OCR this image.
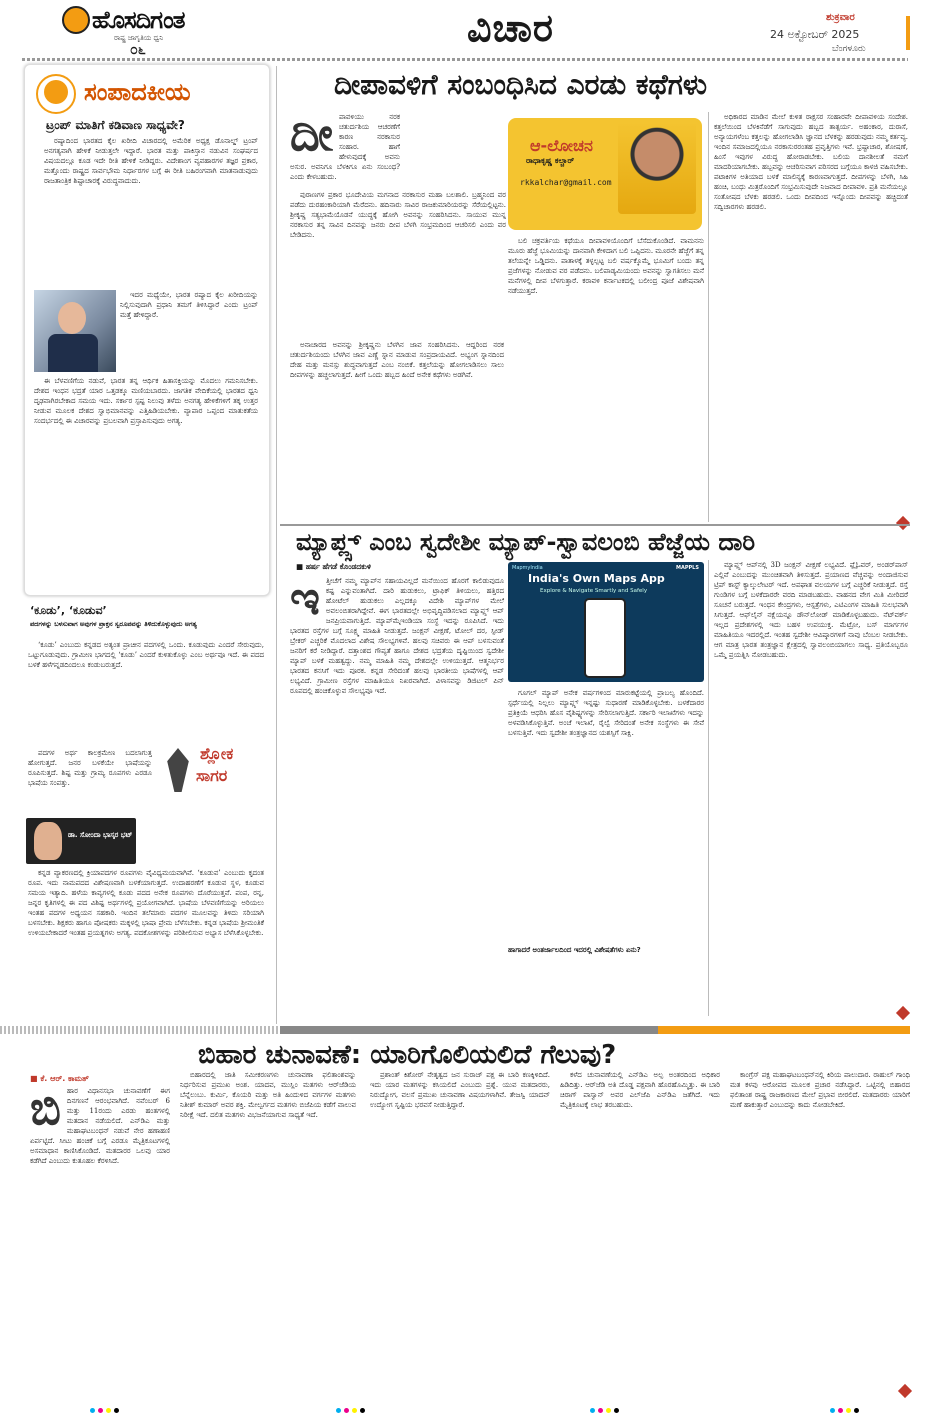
ಹೊಸದಿಗಂತ
ರಾಷ್ಟ್ರ ಜಾಗೃತಿಯ ಧ್ವನಿ
೦೬	ವಿಚಾರ	ಶುಕ್ರವಾರ
24 ಅಕ್ಟೋಬರ್ 2025
ಬೆಂಗಳೂರು
ಸಂಪಾದಕೀಯ
ಟ್ರಂಪ್ ಮಾತಿಗೆ ಕಡಿವಾಣ ಸಾಧ್ಯವೇ?

ರಷ್ಯಾದಿಂದ ಭಾರತದ ಕೈಲ ಖರೀದಿ ವಿಚಾರದಲ್ಲಿ ಅಮೆರಿಕ ಅಧ್ಯಕ್ಷ ಡೊನಾಲ್ಡ್ ಟ್ರಂಪ್ ಅನಗತ್ಯವಾಗಿ ಹೇಳಿಕೆ ನೀಡುತ್ತಲೇ ಇದ್ದಾರೆ. ಭಾರತ ಮತ್ತು ಪಾಕಿಸ್ತಾನ ನಡುವಿನ ಸಂಘರ್ಷದ ವಿಷಯದಲ್ಲೂ ಕೂಡ ಇದೇ ರೀತಿ ಹೇಳಿಕೆ ನೀಡಿದ್ದರು. ವಿದೇಶಾಂಗ ವ್ಯವಹಾರಗಳ ತಜ್ಞರ ಪ್ರಕಾರ, ಮತ್ತೊಂದು ರಾಷ್ಟ್ರದ ಸಾರ್ವಭೌಮ ನಿರ್ಧಾರಗಳ ಬಗ್ಗೆ ಈ ರೀತಿ ಬಹಿರಂಗವಾಗಿ ಮಾತನಾಡುವುದು ರಾಜತಾಂತ್ರಿಕ ಶಿಷ್ಟಾಚಾರಕ್ಕೆ ವಿರುದ್ಧವಾದುದು.

ಇದರ ಮಧ್ಯೆಯೇ, ಭಾರತ ರಷ್ಯಾದ ಕೈಲ ಖರೀದಿಯನ್ನು ನಿಲ್ಲಿಸುವುದಾಗಿ ಪ್ರಧಾನಿ ತಮಗೆ ತಿಳಿಸಿದ್ದಾರೆ ಎಂದು ಟ್ರಂಪ್ ಮತ್ತೆ ಹೇಳಿದ್ದಾರೆ.

ಈ ಬೆಳವಣಿಗೆಯ ನಡುವೆ, ಭಾರತ ತನ್ನ ಆರ್ಥಿಕ ಹಿತಾಸಕ್ತಿಯನ್ನು ಮೊದಲು ಗಮನಿಸಬೇಕು. ದೇಶದ ಇಂಧನ ಭದ್ರತೆ ಯಾರ ಒತ್ತಡಕ್ಕೂ ಮಣಿಯಬಾರದು. ಜಾಗತಿಕ ವೇದಿಕೆಯಲ್ಲಿ ಭಾರತದ ಧ್ವನಿ ದೃಢವಾಗಿರಬೇಕಾದ ಸಮಯ ಇದು. ಸರ್ಕಾರ ಸ್ಪಷ್ಟ ನಿಲುವು ತಳೆದು ಅನಗತ್ಯ ಹೇಳಿಕೆಗಳಿಗೆ ತಕ್ಕ ಉತ್ತರ ನೀಡುವ ಮೂಲಕ ದೇಶದ ಸ್ವಾಭಿಮಾನವನ್ನು ಎತ್ತಿಹಿಡಿಯಬೇಕು. ವ್ಯಾಪಾರ ಒಪ್ಪಂದ ಮಾತುಕತೆಯ ಸಂದರ್ಭದಲ್ಲಿ ಈ ವಿಚಾರವನ್ನು ಪ್ರಬಲವಾಗಿ ಪ್ರಸ್ತಾಪಿಸುವುದು ಅಗತ್ಯ.

‘ಕೂಡು’, ‘ಕೂಡುವ’
ಪದಗಳನ್ನು ಬಳಸುವಾಗ ಅವುಗಳ ಪ್ರಾಕ್ತನ ಸ್ವರೂಪವನ್ನು ತಿಳಿದುಕೊಳ್ಳುವುದು ಅಗತ್ಯ

‘ಕೂಡು’ ಎಂಬುದು ಕನ್ನಡದ ಅತ್ಯಂತ ಪ್ರಾಚೀನ ಪದಗಳಲ್ಲಿ ಒಂದು. ಕೂಡುವುದು ಎಂದರೆ ಸೇರುವುದು, ಒಟ್ಟುಗೂಡುವುದು. ಗ್ರಾಮೀಣ ಭಾಗದಲ್ಲಿ ‘ಕೂಡು’ ಎಂದರೆ ಕುಳಿತುಕೊಳ್ಳು ಎಂಬ ಅರ್ಥವೂ ಇದೆ. ಈ ಪದದ ಬಳಕೆ ಹಳೆಗನ್ನಡದಿಂದಲೂ ಕಂಡುಬರುತ್ತದೆ.

ಪದಗಳ ಅರ್ಥ ಕಾಲಕ್ರಮೇಣ ಬದಲಾಗುತ್ತ ಹೋಗುತ್ತದೆ. ಜನರ ಬಳಕೆಯೇ ಭಾಷೆಯನ್ನು ರೂಪಿಸುತ್ತದೆ. ಶಿಷ್ಟ ಮತ್ತು ಗ್ರಾಮ್ಯ ರೂಪಗಳು ಎರಡೂ ಭಾಷೆಯ ಸಂಪತ್ತು.

ಶ್ಲೋಕ
ಸಾಗರ
ಡಾ. ಸೋಂದಾ ಭಾಸ್ಕರ ಭಟ್

ಕನ್ನಡ ವ್ಯಾಕರಣದಲ್ಲಿ ಕ್ರಿಯಾಪದಗಳ ರೂಪಗಳು ವೈವಿಧ್ಯಮಯವಾಗಿವೆ. ‘ಕೂಡುವ’ ಎಂಬುದು ಕೃದಂತ ರೂಪ. ಇದು ನಾಮಪದದ ವಿಶೇಷಣವಾಗಿ ಬಳಕೆಯಾಗುತ್ತದೆ. ಉದಾಹರಣೆಗೆ ಕೂಡುವ ಸ್ಥಳ, ಕೂಡುವ ಸಮಯ ಇತ್ಯಾದಿ. ಹಳೆಯ ಕಾವ್ಯಗಳಲ್ಲಿ ಕೂಡು ಪದದ ಅನೇಕ ರೂಪಗಳು ದೊರೆಯುತ್ತವೆ. ಪಂಪ, ರನ್ನ, ಜನ್ನರ ಕೃತಿಗಳಲ್ಲಿ ಈ ಪದ ವಿಶಿಷ್ಟ ಅರ್ಥಗಳಲ್ಲಿ ಪ್ರಯೋಗವಾಗಿದೆ. ಭಾಷೆಯ ಬೆಳವಣಿಗೆಯನ್ನು ಅರಿಯಲು ಇಂತಹ ಪದಗಳ ಅಧ್ಯಯನ ಸಹಕಾರಿ. ಇಂದಿನ ತಲೆಮಾರು ಪದಗಳ ಮೂಲವನ್ನು ತಿಳಿದು ಸರಿಯಾಗಿ ಬಳಸಬೇಕು. ಶಿಕ್ಷಕರು ಹಾಗೂ ಪೋಷಕರು ಮಕ್ಕಳಲ್ಲಿ ಭಾಷಾ ಪ್ರೇಮ ಬೆಳೆಸಬೇಕು. ಕನ್ನಡ ಭಾಷೆಯ ಶ್ರೀಮಂತಿಕೆ ಉಳಿಯಬೇಕಾದರೆ ಇಂತಹ ಪ್ರಯತ್ನಗಳು ಅಗತ್ಯ. ಪದಕೋಶಗಳನ್ನು ಪರಿಶೀಲಿಸುವ ಅಭ್ಯಾಸ ಬೆಳೆಸಿಕೊಳ್ಳಬೇಕು.

ದೀಪಾವಳಿಗೆ ಸಂಬಂಧಿಸಿದ ಎರಡು ಕಥೆಗಳು
ದೀ ಪಾವಳಿಯು ನರಕ ಚತುರ್ದಶಿಯ ಆಚರಣೆಗೆ ಕಾರಣ ನರಕಾಸುರ ಸಂಹಾರ. ಹಾಗೆ ಹೇಳುವುದಕ್ಕೆ ಅವನು ಅಸುರ. ಅವನಿಗೂ ಬೆಳಕಿಗೂ ಏನು ಸಂಬಂಧ? ಎಂದು ಕೇಳಬಹುದು.

ಪುರಾಣಗಳ ಪ್ರಕಾರ ಭೂದೇವಿಯ ಮಗನಾದ ನರಕಾಸುರ ಮಹಾ ಬಲಶಾಲಿ. ಬ್ರಹ್ಮನಿಂದ ವರ ಪಡೆದು ದುರಹಂಕಾರಿಯಾಗಿ ಮೆರೆದನು. ಹದಿನಾರು ಸಾವಿರ ರಾಜಕುಮಾರಿಯರನ್ನು ಸೆರೆಯಲ್ಲಿಟ್ಟನು. ಶ್ರೀಕೃಷ್ಣ ಸತ್ಯಭಾಮೆಯೊಡನೆ ಯುದ್ಧಕ್ಕೆ ಹೋಗಿ ಅವನನ್ನು ಸಂಹರಿಸಿದನು. ಸಾಯುವ ಮುನ್ನ ನರಕಾಸುರ ತನ್ನ ಸಾವಿನ ದಿನವನ್ನು ಜನರು ದೀಪ ಬೆಳಗಿ ಸಂಭ್ರಮದಿಂದ ಆಚರಿಸಲಿ ಎಂದು ವರ ಬೇಡಿದನು.

ಅನಾಚಾರದ ಅವನನ್ನು ಶ್ರೀಕೃಷ್ಣನು ಬೆಳಗಿನ ಜಾವ ಸಂಹರಿಸಿದನು. ಆದ್ದರಿಂದ ನರಕ ಚತುರ್ದಶಿಯಂದು ಬೆಳಗಿನ ಜಾವ ಎಣ್ಣೆ ಸ್ನಾನ ಮಾಡುವ ಸಂಪ್ರದಾಯವಿದೆ. ಅಭ್ಯಂಗ ಸ್ನಾನದಿಂದ ದೇಹ ಮತ್ತು ಮನಸ್ಸು ಶುದ್ಧವಾಗುತ್ತದೆ ಎಂಬ ನಂಬಿಕೆ. ಕತ್ತಲೆಯನ್ನು ಹೋಗಲಾಡಿಸಲು ಸಾಲು ದೀಪಗಳನ್ನು ಹಚ್ಚಲಾಗುತ್ತದೆ. ಹೀಗೆ ಒಂದು ಹಬ್ಬದ ಹಿಂದೆ ಅನೇಕ ಕಥೆಗಳು ಅಡಗಿವೆ.

ಆ-ಲೋಚನ
ರಾಧಾಕೃಷ್ಣ ಕಲ್ಚಾರ್
rkkalchar@gmail.com

ಬಲಿ ಚಕ್ರವರ್ತಿಯ ಕಥೆಯೂ ದೀಪಾವಳಿಯೊಂದಿಗೆ ಬೆಸೆದುಕೊಂಡಿದೆ. ವಾಮನನು ಮೂರು ಹೆಜ್ಜೆ ಭೂಮಿಯನ್ನು ದಾನವಾಗಿ ಕೇಳಿದಾಗ ಬಲಿ ಒಪ್ಪಿದನು. ಮೂರನೇ ಹೆಜ್ಜೆಗೆ ತನ್ನ ತಲೆಯನ್ನೇ ಒಡ್ಡಿದನು. ಪಾತಾಳಕ್ಕೆ ತಳ್ಳಲ್ಪಟ್ಟ ಬಲಿ ವರ್ಷಕ್ಕೊಮ್ಮೆ ಭೂಮಿಗೆ ಬಂದು ತನ್ನ ಪ್ರಜೆಗಳನ್ನು ನೋಡುವ ವರ ಪಡೆದನು. ಬಲಿಪಾಡ್ಯಮಿಯಂದು ಅವನನ್ನು ಸ್ವಾಗತಿಸಲು ಮನೆ ಮನೆಗಳಲ್ಲಿ ದೀಪ ಬೆಳಗುತ್ತಾರೆ. ಕರಾವಳಿ ಕರ್ನಾಟಕದಲ್ಲಿ ಬಲೀಂದ್ರ ಪೂಜೆ ವಿಶೇಷವಾಗಿ ನಡೆಯುತ್ತದೆ.

ಅಧಿಕಾರದ ಮಾಡಿನ ಮೇಲೆ ಕುಳಿತ ರಾಕ್ಷಸರ ಸಂಹಾರವೇ ದೀಪಾವಳಿಯ ಸಂದೇಶ. ಕತ್ತಲೆಯಿಂದ ಬೆಳಕಿನೆಡೆಗೆ ಸಾಗುವುದು ಹಬ್ಬದ ತಾತ್ಪರ್ಯ. ಅಹಂಕಾರ, ದುರಾಸೆ, ಅನ್ಯಾಯಗಳೆಂಬ ಕತ್ತಲನ್ನು ಹೋಗಲಾಡಿಸಿ ಜ್ಞಾನದ ಬೆಳಕನ್ನು ಹರಡುವುದು ನಮ್ಮ ಕರ್ತವ್ಯ. ಇಂದಿನ ಸಮಾಜದಲ್ಲಿಯೂ ನರಕಾಸುರರಂತಹ ಪ್ರವೃತ್ತಿಗಳು ಇವೆ. ಭ್ರಷ್ಟಾಚಾರ, ಶೋಷಣೆ, ಹಿಂಸೆ ಇವುಗಳ ವಿರುದ್ಧ ಹೋರಾಡಬೇಕು. ಬಲಿಯ ದಾನಶೀಲತೆ ನಮಗೆ ಮಾದರಿಯಾಗಬೇಕು. ಹಬ್ಬವನ್ನು ಆಚರಿಸುವಾಗ ಪರಿಸರದ ಬಗ್ಗೆಯೂ ಕಾಳಜಿ ವಹಿಸಬೇಕು. ಪಟಾಕಿಗಳ ಅತಿಯಾದ ಬಳಕೆ ಮಾಲಿನ್ಯಕ್ಕೆ ಕಾರಣವಾಗುತ್ತದೆ. ದೀಪಗಳನ್ನು ಬೆಳಗಿ, ಸಿಹಿ ಹಂಚಿ, ಬಂಧು ಮಿತ್ರರೊಂದಿಗೆ ಸಂಭ್ರಮಿಸುವುದೇ ನಿಜವಾದ ದೀಪಾವಳಿ. ಪ್ರತಿ ಮನೆಯಲ್ಲೂ ಸಂತೋಷದ ಬೆಳಕು ಹರಡಲಿ. ಒಂದು ದೀಪದಿಂದ ಇನ್ನೊಂದು ದೀಪವನ್ನು ಹಚ್ಚಿದಂತೆ ಸದ್ವಿಚಾರಗಳು ಹರಡಲಿ.

ಮ್ಯಾಪ್ಲ್ಸ್ ಎಂಬ ಸ್ವದೇಶೀ ಮ್ಯಾಪ್-ಸ್ವಾವಲಂಬಿ ಹೆಜ್ಜೆಯ ದಾರಿ
■ ಹರ್ಷ ಹೆಗಡೆ ಕೊಂಡದಕುಳಿ
ಇ ತ್ತೀಚೆಗೆ ನಮ್ಮ ಮ್ಯಾಪ್‌ನ ಸಹಾಯವಿಲ್ಲದೆ ಮನೆಯಿಂದ ಹೊರಗೆ ಕಾಲಿಡುವುದೂ ಕಷ್ಟ ಎನ್ನುವಂತಾಗಿದೆ. ದಾರಿ ಹುಡುಕಲು, ಟ್ರಾಫಿಕ್ ತಿಳಿಯಲು, ಹತ್ತಿರದ ಹೋಟೆಲ್ ಹುಡುಕಲು ಎಲ್ಲದಕ್ಕೂ ವಿದೇಶಿ ಮ್ಯಾಪ್‌ಗಳ ಮೇಲೆ ಅವಲಂಬಿತರಾಗಿದ್ದೇವೆ. ಈಗ ಭಾರತದಲ್ಲೇ ಅಭಿವೃದ್ಧಿಪಡಿಸಲಾದ ಮ್ಯಾಪ್ಲ್ಸ್ ಆಪ್ ಜನಪ್ರಿಯವಾಗುತ್ತಿದೆ. ಮ್ಯಾಪ್‌ಮೈಇಂಡಿಯಾ ಸಂಸ್ಥೆ ಇದನ್ನು ರೂಪಿಸಿದೆ. ಇದು ಭಾರತದ ರಸ್ತೆಗಳ ಬಗ್ಗೆ ಸೂಕ್ಷ್ಮ ಮಾಹಿತಿ ನೀಡುತ್ತದೆ. ಜಂಕ್ಷನ್ ವೀಕ್ಷಣೆ, ಟೋಲ್ ದರ, ಸ್ಪೀಡ್ ಬ್ರೇಕರ್ ಎಚ್ಚರಿಕೆ ಮೊದಲಾದ ವಿಶೇಷ ಸೌಲಭ್ಯಗಳಿವೆ. ಹಲವು ಸಚಿವರು ಈ ಆಪ್ ಬಳಸುವಂತೆ ಜನರಿಗೆ ಕರೆ ನೀಡಿದ್ದಾರೆ. ದತ್ತಾಂಶದ ಗೌಪ್ಯತೆ ಹಾಗೂ ದೇಶದ ಭದ್ರತೆಯ ದೃಷ್ಟಿಯಿಂದ ಸ್ವದೇಶೀ ಮ್ಯಾಪ್ ಬಳಕೆ ಮಹತ್ವದ್ದು. ನಮ್ಮ ಮಾಹಿತಿ ನಮ್ಮ ದೇಶದಲ್ಲೇ ಉಳಿಯುತ್ತದೆ. ಆತ್ಮನಿರ್ಭರ ಭಾರತದ ಕನಸಿಗೆ ಇದು ಪೂರಕ. ಕನ್ನಡ ಸೇರಿದಂತೆ ಹಲವು ಭಾರತೀಯ ಭಾಷೆಗಳಲ್ಲಿ ಆಪ್ ಲಭ್ಯವಿದೆ. ಗ್ರಾಮೀಣ ರಸ್ತೆಗಳ ಮಾಹಿತಿಯೂ ನಿಖರವಾಗಿದೆ. ವಿಳಾಸವನ್ನು ಡಿಜಿಟಲ್ ಪಿನ್ ರೂಪದಲ್ಲಿ ಹಂಚಿಕೊಳ್ಳುವ ಸೌಲಭ್ಯವೂ ಇದೆ.
MapmyIndia	MAPPLS
India's Own Maps App
Explore & Navigate Smartly and Safely

ಗೂಗಲ್ ಮ್ಯಾಪ್ ಅನೇಕ ವರ್ಷಗಳಿಂದ ಮಾರುಕಟ್ಟೆಯಲ್ಲಿ ಪ್ರಾಬಲ್ಯ ಹೊಂದಿದೆ. ಸ್ಪರ್ಧೆಯಲ್ಲಿ ನಿಲ್ಲಲು ಮ್ಯಾಪ್ಲ್ಸ್ ಇನ್ನಷ್ಟು ಸುಧಾರಣೆ ಮಾಡಿಕೊಳ್ಳಬೇಕು. ಬಳಕೆದಾರರ ಪ್ರತಿಕ್ರಿಯೆ ಆಧರಿಸಿ ಹೊಸ ವೈಶಿಷ್ಟ್ಯಗಳನ್ನು ಸೇರಿಸಲಾಗುತ್ತಿದೆ. ಸರ್ಕಾರಿ ಇಲಾಖೆಗಳು ಇದನ್ನು ಅಳವಡಿಸಿಕೊಳ್ಳುತ್ತಿವೆ. ಅಂಚೆ ಇಲಾಖೆ, ರೈಲ್ವೆ ಸೇರಿದಂತೆ ಅನೇಕ ಸಂಸ್ಥೆಗಳು ಈ ಸೇವೆ ಬಳಸುತ್ತಿವೆ. ಇದು ಸ್ವದೇಶೀ ತಂತ್ರಜ್ಞಾನದ ಯಶಸ್ಸಿಗೆ ಸಾಕ್ಷಿ.

ಹಾಗಾದರೆ ಅಂತರ್ಜಾಲದಿಂದ ಇದರಲ್ಲಿ ವಿಶೇಷತೆಗಳು ಏನು?

ಮ್ಯಾಪ್ಲ್ಸ್ ಆಪ್‌ನಲ್ಲಿ 3D ಜಂಕ್ಷನ್ ವೀಕ್ಷಣೆ ಲಭ್ಯವಿದೆ. ಫ್ಲೈಓವರ್, ಅಂಡರ್‌ಪಾಸ್ ಎಲ್ಲಿವೆ ಎಂಬುದನ್ನು ಮುಂಚಿತವಾಗಿ ತಿಳಿಸುತ್ತದೆ. ಪ್ರಯಾಣದ ವೆಚ್ಚವನ್ನು ಅಂದಾಜಿಸುವ ಟ್ರಿಪ್ ಕಾಸ್ಟ್ ಕ್ಯಾಲ್ಕುಲೇಟರ್ ಇದೆ. ಅಪಘಾತ ವಲಯಗಳ ಬಗ್ಗೆ ಎಚ್ಚರಿಕೆ ನೀಡುತ್ತದೆ. ರಸ್ತೆ ಗುಂಡಿಗಳ ಬಗ್ಗೆ ಬಳಕೆದಾರರೇ ವರದಿ ಮಾಡಬಹುದು. ವಾಹನದ ವೇಗ ಮಿತಿ ಮೀರಿದರೆ ಸೂಚನೆ ಬರುತ್ತದೆ. ಇಂಧನ ಕೇಂದ್ರಗಳು, ಆಸ್ಪತ್ರೆಗಳು, ಎಟಿಎಂಗಳ ಮಾಹಿತಿ ಸುಲಭವಾಗಿ ಸಿಗುತ್ತದೆ. ಆಫ್‌ಲೈನ್ ನಕ್ಷೆಯನ್ನೂ ಡೌನ್‌ಲೋಡ್ ಮಾಡಿಕೊಳ್ಳಬಹುದು. ನೆಟ್‌ವರ್ಕ್ ಇಲ್ಲದ ಪ್ರದೇಶಗಳಲ್ಲಿ ಇದು ಬಹಳ ಉಪಯುಕ್ತ. ಮೆಟ್ರೋ, ಬಸ್ ಮಾರ್ಗಗಳ ಮಾಹಿತಿಯೂ ಇದರಲ್ಲಿದೆ. ಇಂತಹ ಸ್ವದೇಶೀ ಆವಿಷ್ಕಾರಗಳಿಗೆ ನಾವು ಬೆಂಬಲ ನೀಡಬೇಕು. ಆಗ ಮಾತ್ರ ಭಾರತ ತಂತ್ರಜ್ಞಾನ ಕ್ಷೇತ್ರದಲ್ಲಿ ಸ್ವಾವಲಂಬಿಯಾಗಲು ಸಾಧ್ಯ. ಪ್ರತಿಯೊಬ್ಬರೂ ಒಮ್ಮೆ ಪ್ರಯತ್ನಿಸಿ ನೋಡಬಹುದು.

ಬಿಹಾರ ಚುನಾವಣೆ: ಯಾರಿಗೊಲಿಯಲಿದೆ ಗೆಲುವು?
■ ಕೆ. ಆರ್. ಕಾಮತ್
ಬಿ ಹಾರ ವಿಧಾನಸಭಾ ಚುನಾವಣೆಗೆ ಈಗ ದಿನಗಣನೆ ಆರಂಭವಾಗಿದೆ. ನವೆಂಬರ್ 6 ಮತ್ತು 11ರಂದು ಎರಡು ಹಂತಗಳಲ್ಲಿ ಮತದಾನ ನಡೆಯಲಿದೆ. ಎನ್‌ಡಿಎ ಮತ್ತು ಮಹಾಘಟಬಂಧನ್ ನಡುವೆ ನೇರ ಹಣಾಹಣಿ ಏರ್ಪಟ್ಟಿದೆ. ಸೀಟು ಹಂಚಿಕೆ ಬಗ್ಗೆ ಎರಡೂ ಮೈತ್ರಿಕೂಟಗಳಲ್ಲಿ ಅಸಮಾಧಾನ ಕಾಣಿಸಿಕೊಂಡಿದೆ. ಮತದಾರರ ಒಲವು ಯಾರ ಕಡೆಗಿದೆ ಎಂಬುದು ಕುತೂಹಲ ಕೆರಳಿಸಿದೆ.

ಬಿಹಾರದಲ್ಲಿ ಜಾತಿ ಸಮೀಕರಣಗಳು ಚುನಾವಣಾ ಫಲಿತಾಂಶವನ್ನು ನಿರ್ಧರಿಸುವ ಪ್ರಮುಖ ಅಂಶ. ಯಾದವ, ಮುಸ್ಲಿಂ ಮತಗಳು ಆರ್‌ಜೆಡಿಯ ಬೆನ್ನೆಲುಬು. ಕುರ್ಮಿ, ಕೊಯರಿ ಮತ್ತು ಅತಿ ಹಿಂದುಳಿದ ವರ್ಗಗಳ ಮತಗಳು ನಿತೀಶ್ ಕುಮಾರ್ ಅವರ ಶಕ್ತಿ. ಮೇಲ್ವರ್ಗದ ಮತಗಳು ಬಿಜೆಪಿಯ ಕಡೆಗೆ ವಾಲುವ ನಿರೀಕ್ಷೆ ಇದೆ. ದಲಿತ ಮತಗಳು ವಿಭಜನೆಯಾಗುವ ಸಾಧ್ಯತೆ ಇದೆ.

ಪ್ರಶಾಂತ್ ಕಿಶೋರ್ ನೇತೃತ್ವದ ಜನ ಸುರಾಜ್ ಪಕ್ಷ ಈ ಬಾರಿ ಕಣಕ್ಕಿಳಿದಿದೆ. ಇದು ಯಾರ ಮತಗಳನ್ನು ಕಸಿಯಲಿದೆ ಎಂಬುದು ಪ್ರಶ್ನೆ. ಯುವ ಮತದಾರರು, ನಿರುದ್ಯೋಗ, ವಲಸೆ ಪ್ರಮುಖ ಚುನಾವಣಾ ವಿಷಯಗಳಾಗಿವೆ. ತೇಜಸ್ವಿ ಯಾದವ್ ಉದ್ಯೋಗ ಸೃಷ್ಟಿಯ ಭರವಸೆ ನೀಡುತ್ತಿದ್ದಾರೆ.

ಕಳೆದ ಚುನಾವಣೆಯಲ್ಲಿ ಎನ್‌ಡಿಎ ಅಲ್ಪ ಅಂತರದಿಂದ ಅಧಿಕಾರ ಹಿಡಿದಿತ್ತು. ಆರ್‌ಜೆಡಿ ಅತಿ ದೊಡ್ಡ ಪಕ್ಷವಾಗಿ ಹೊರಹೊಮ್ಮಿತ್ತು. ಈ ಬಾರಿ ಚಿರಾಗ್ ಪಾಸ್ವಾನ್ ಅವರ ಎಲ್‌ಜೆಪಿ ಎನ್‌ಡಿಎ ಜತೆಗಿದೆ. ಇದು ಮೈತ್ರಿಕೂಟಕ್ಕೆ ಲಾಭ ತರಬಹುದು.

ಕಾಂಗ್ರೆಸ್ ಪಕ್ಷ ಮಹಾಘಟಬಂಧನ್‌ನಲ್ಲಿ ಕಿರಿಯ ಪಾಲುದಾರ. ರಾಹುಲ್ ಗಾಂಧಿ ಮತ ಕಳವು ಆರೋಪದ ಮೂಲಕ ಪ್ರಚಾರ ನಡೆಸಿದ್ದಾರೆ. ಒಟ್ಟಿನಲ್ಲಿ ಬಿಹಾರದ ಫಲಿತಾಂಶ ರಾಷ್ಟ್ರ ರಾಜಕಾರಣದ ಮೇಲೆ ಪ್ರಭಾವ ಬೀರಲಿದೆ. ಮತದಾರರು ಯಾರಿಗೆ ಮಣೆ ಹಾಕುತ್ತಾರೆ ಎಂಬುದನ್ನು ಕಾದು ನೋಡಬೇಕಿದೆ.
